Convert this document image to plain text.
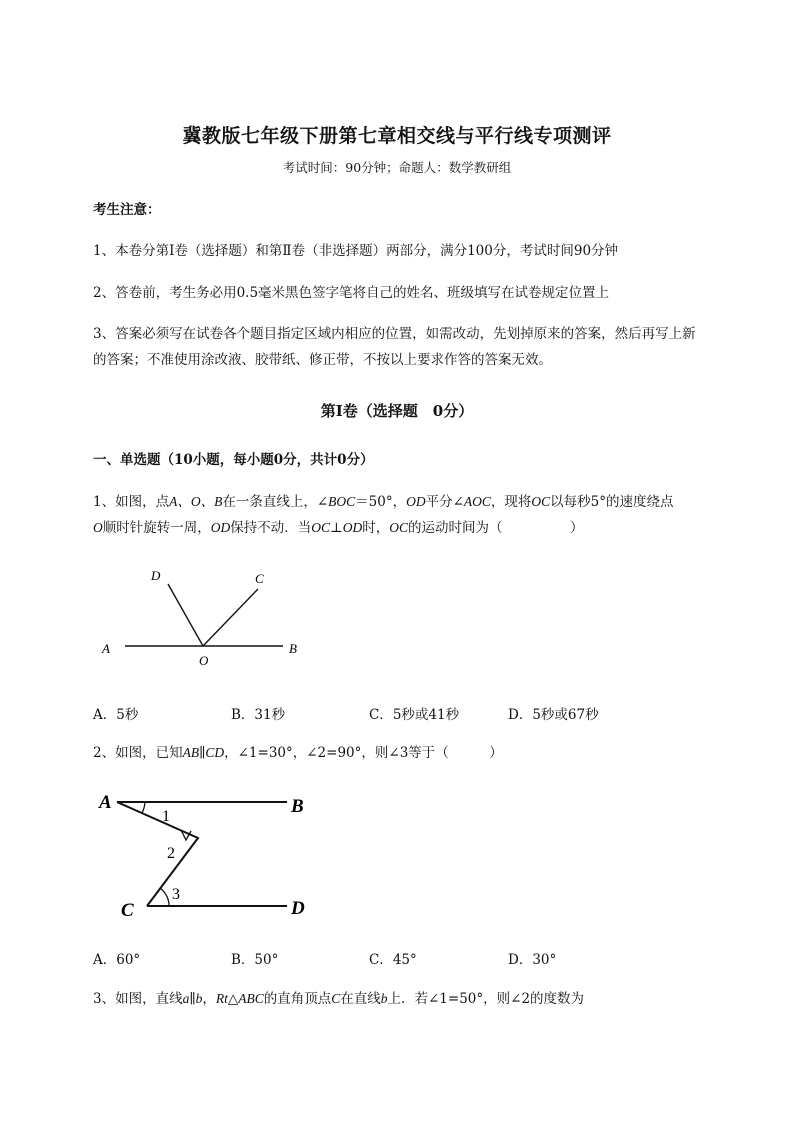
冀教版七年级下册第七章相交线与平行线专项测评
考试时间：90分钟；命题人：数学教研组
考生注意：
1、本卷分第Ⅰ卷（选择题）和第Ⅱ卷（非选择题）两部分，满分100分，考试时间90分钟
2、答卷前，考生务必用0.5毫米黑色签字笔将自己的姓名、班级填写在试卷规定位置上
3、答案必须写在试卷各个题目指定区域内相应的位置，如需改动，先划掉原来的答案，然后再写上新
的答案；不准使用涂改液、胶带纸、修正带，不按以上要求作答的答案无效。
第Ⅰ卷（选择题　0分）
一、单选题（10小题，每小题0分，共计0分）
1、如图，点A、O、B在一条直线上，∠BOC＝50°，OD平分∠AOC，现将OC以每秒5°的速度绕点
O顺时针旋转一周，OD保持不动．当OC⊥OD时，OC的运动时间为（　　　　　）
D	C
A
O
B
A．5秒	B．31秒	C．5秒或41秒	D．5秒或67秒
2、如图，已知AB∥CD，∠1=30°，∠2=90°，则∠3等于（　　　）
A	B
C	D
1
2
3
A．60°	B．50°	C．45°	D．30°
3、如图，直线a∥b，Rt△ABC的直角顶点C在直线b上．若∠1=50°，则∠2的度数为
